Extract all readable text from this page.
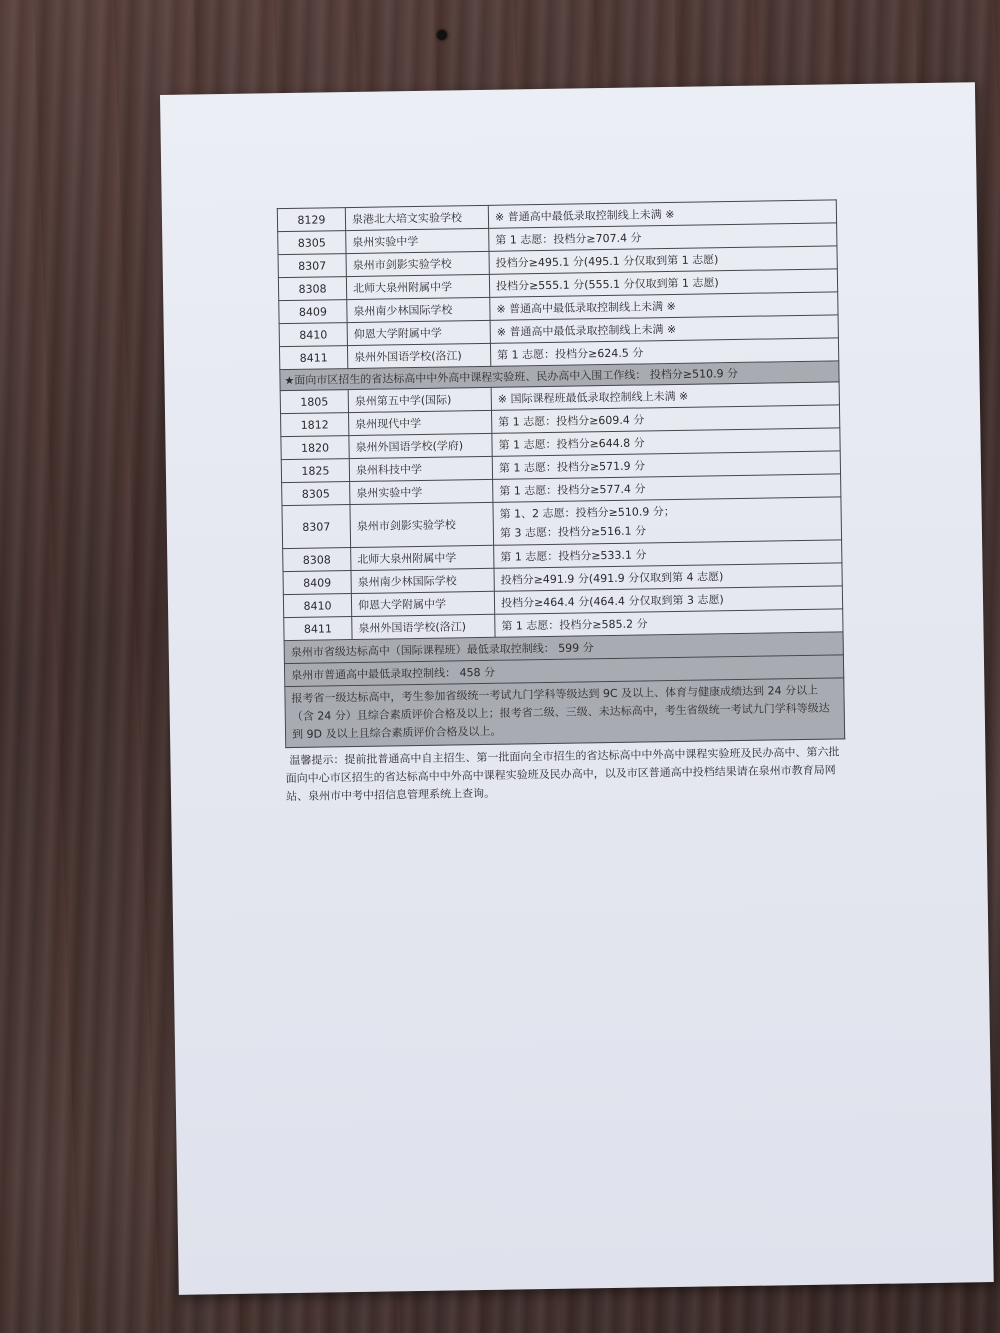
8129	泉港北大培文实验学校	※ 普通高中最低录取控制线上未满 ※
8305	泉州实验中学	第 1 志愿：投档分≥707.4 分
8307	泉州市剑影实验学校	投档分≥495.1 分(495.1 分仅取到第 1 志愿)
8308	北师大泉州附属中学	投档分≥555.1 分(555.1 分仅取到第 1 志愿)
8409	泉州南少林国际学校	※ 普通高中最低录取控制线上未满 ※
8410	仰恩大学附属中学	※ 普通高中最低录取控制线上未满 ※
8411	泉州外国语学校(洛江)	第 1 志愿：投档分≥624.5 分
★面向市区招生的省达标高中中外高中课程实验班、民办高中入围工作线： 投档分≥510.9 分		
1805	泉州第五中学(国际)	※ 国际课程班最低录取控制线上未满 ※
1812	泉州现代中学	第 1 志愿：投档分≥609.4 分
1820	泉州外国语学校(学府)	第 1 志愿：投档分≥644.8 分
1825	泉州科技中学	第 1 志愿：投档分≥571.9 分
8305	泉州实验中学	第 1 志愿：投档分≥577.4 分
8307	泉州市剑影实验学校	第 1、2 志愿：投档分≥510.9 分；
第 3 志愿：投档分≥516.1 分

8308	北师大泉州附属中学	第 1 志愿：投档分≥533.1 分
8409	泉州南少林国际学校	投档分≥491.9 分(491.9 分仅取到第 4 志愿)
8410	仰恩大学附属中学	投档分≥464.4 分(464.4 分仅取到第 3 志愿)
8411	泉州外国语学校(洛江)	第 1 志愿：投档分≥585.2 分
泉州市省级达标高中（国际课程班）最低录取控制线： 599 分		
泉州市普通高中最低录取控制线： 458 分		
报考省一级达标高中，考生参加省级统一考试九门学科等级达到 9C 及以上、体育与健康成绩达到 24 分以上（含 24 分）且综合素质评价合格及以上；报考省二级、三级、未达标高中，考生省级统一考试九门学科等级达到 9D 及以上且综合素质评价合格及以上。		
温馨提示：提前批普通高中自主招生、第一批面向全市招生的省达标高中中外高中课程实验班及民办高中、第六批面向中心市区招生的省达标高中中外高中课程实验班及民办高中，以及市区普通高中投档结果请在泉州市教育局网站、泉州市中考中招信息管理系统上查询。
